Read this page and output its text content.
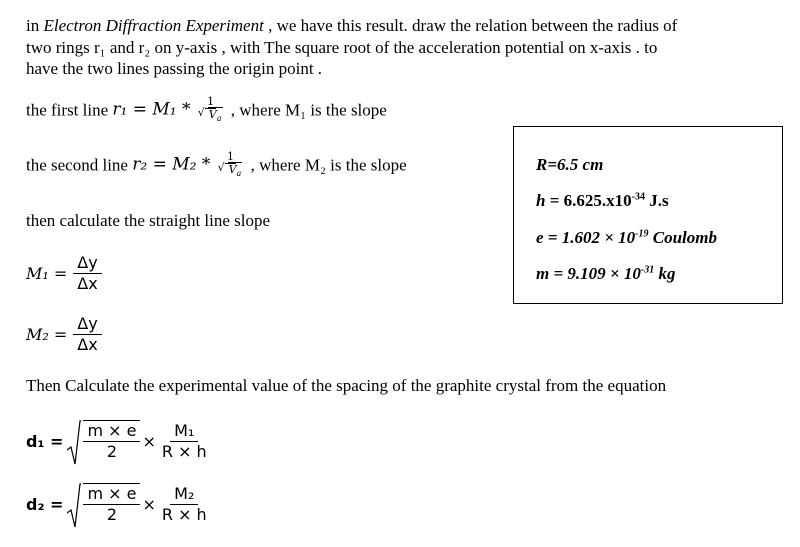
in Electron Diffraction Experiment , we have this result. draw the relation between the radius of
two rings r₁ and r₂ on y-axis , with The square root of the acceleration potential on x-axis . to
have the two lines passing the origin point .
the first line r₁ = M₁ * 1
√ $V_a$ , where M₁ is the slope
the second line r₂ = M₂ * 1
√ $V_a$ , where M₂ is the slope
then calculate the straight line slope
$M_1 = \frac{\Delta y}{\Delta x}$
$M_2 = \frac{\Delta y}{\Delta x}$
Then Calculate the experimental value of the spacing of the graphite crystal from the equation
$d_1 = \frac{m \times e}{2} \times \frac{\text{M₁}}{R \times h}$
$d_2 = \frac{m \times e}{2} \times \frac{\text{M₂}}{R \times h}$
R=6.5 cm
$h = 6.625.x10^{-34}$ J.s
$e = 1.602 \times 10^{-19}$ Coulomb
$m = 9.109 \times 10^{-31}$ kg
